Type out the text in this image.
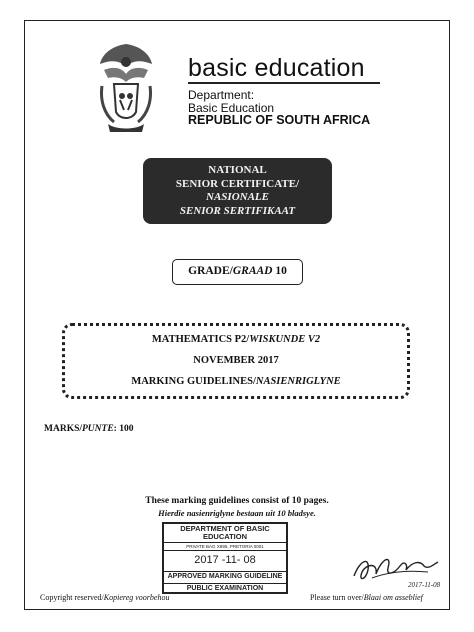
basic education
Department:
Basic Education
REPUBLIC OF SOUTH AFRICA
NATIONAL
SENIOR CERTIFICATE/
NASIONALE
SENIOR SERTIFIKAAT
GRADE/GRAAD 10
MATHEMATICS P2/WISKUNDE V2
NOVEMBER 2017
MARKING GUIDELINES/NASIENRIGLYNE
MARKS/PUNTE: 100
These marking guidelines consist of 10 pages.
Hierdie nasienriglyne bestaan uit 10 bladsye.
DEPARTMENT OF BASIC
EDUCATION
PRIVATE BAG X895, PRETORIA 0001
2017 -11- 08
APPROVED MARKING GUIDELINE
PUBLIC EXAMINATION	2017-11-08
Copyright reserved/Kopiereg voorbehou	Please turn over/Blaai om asseblief
